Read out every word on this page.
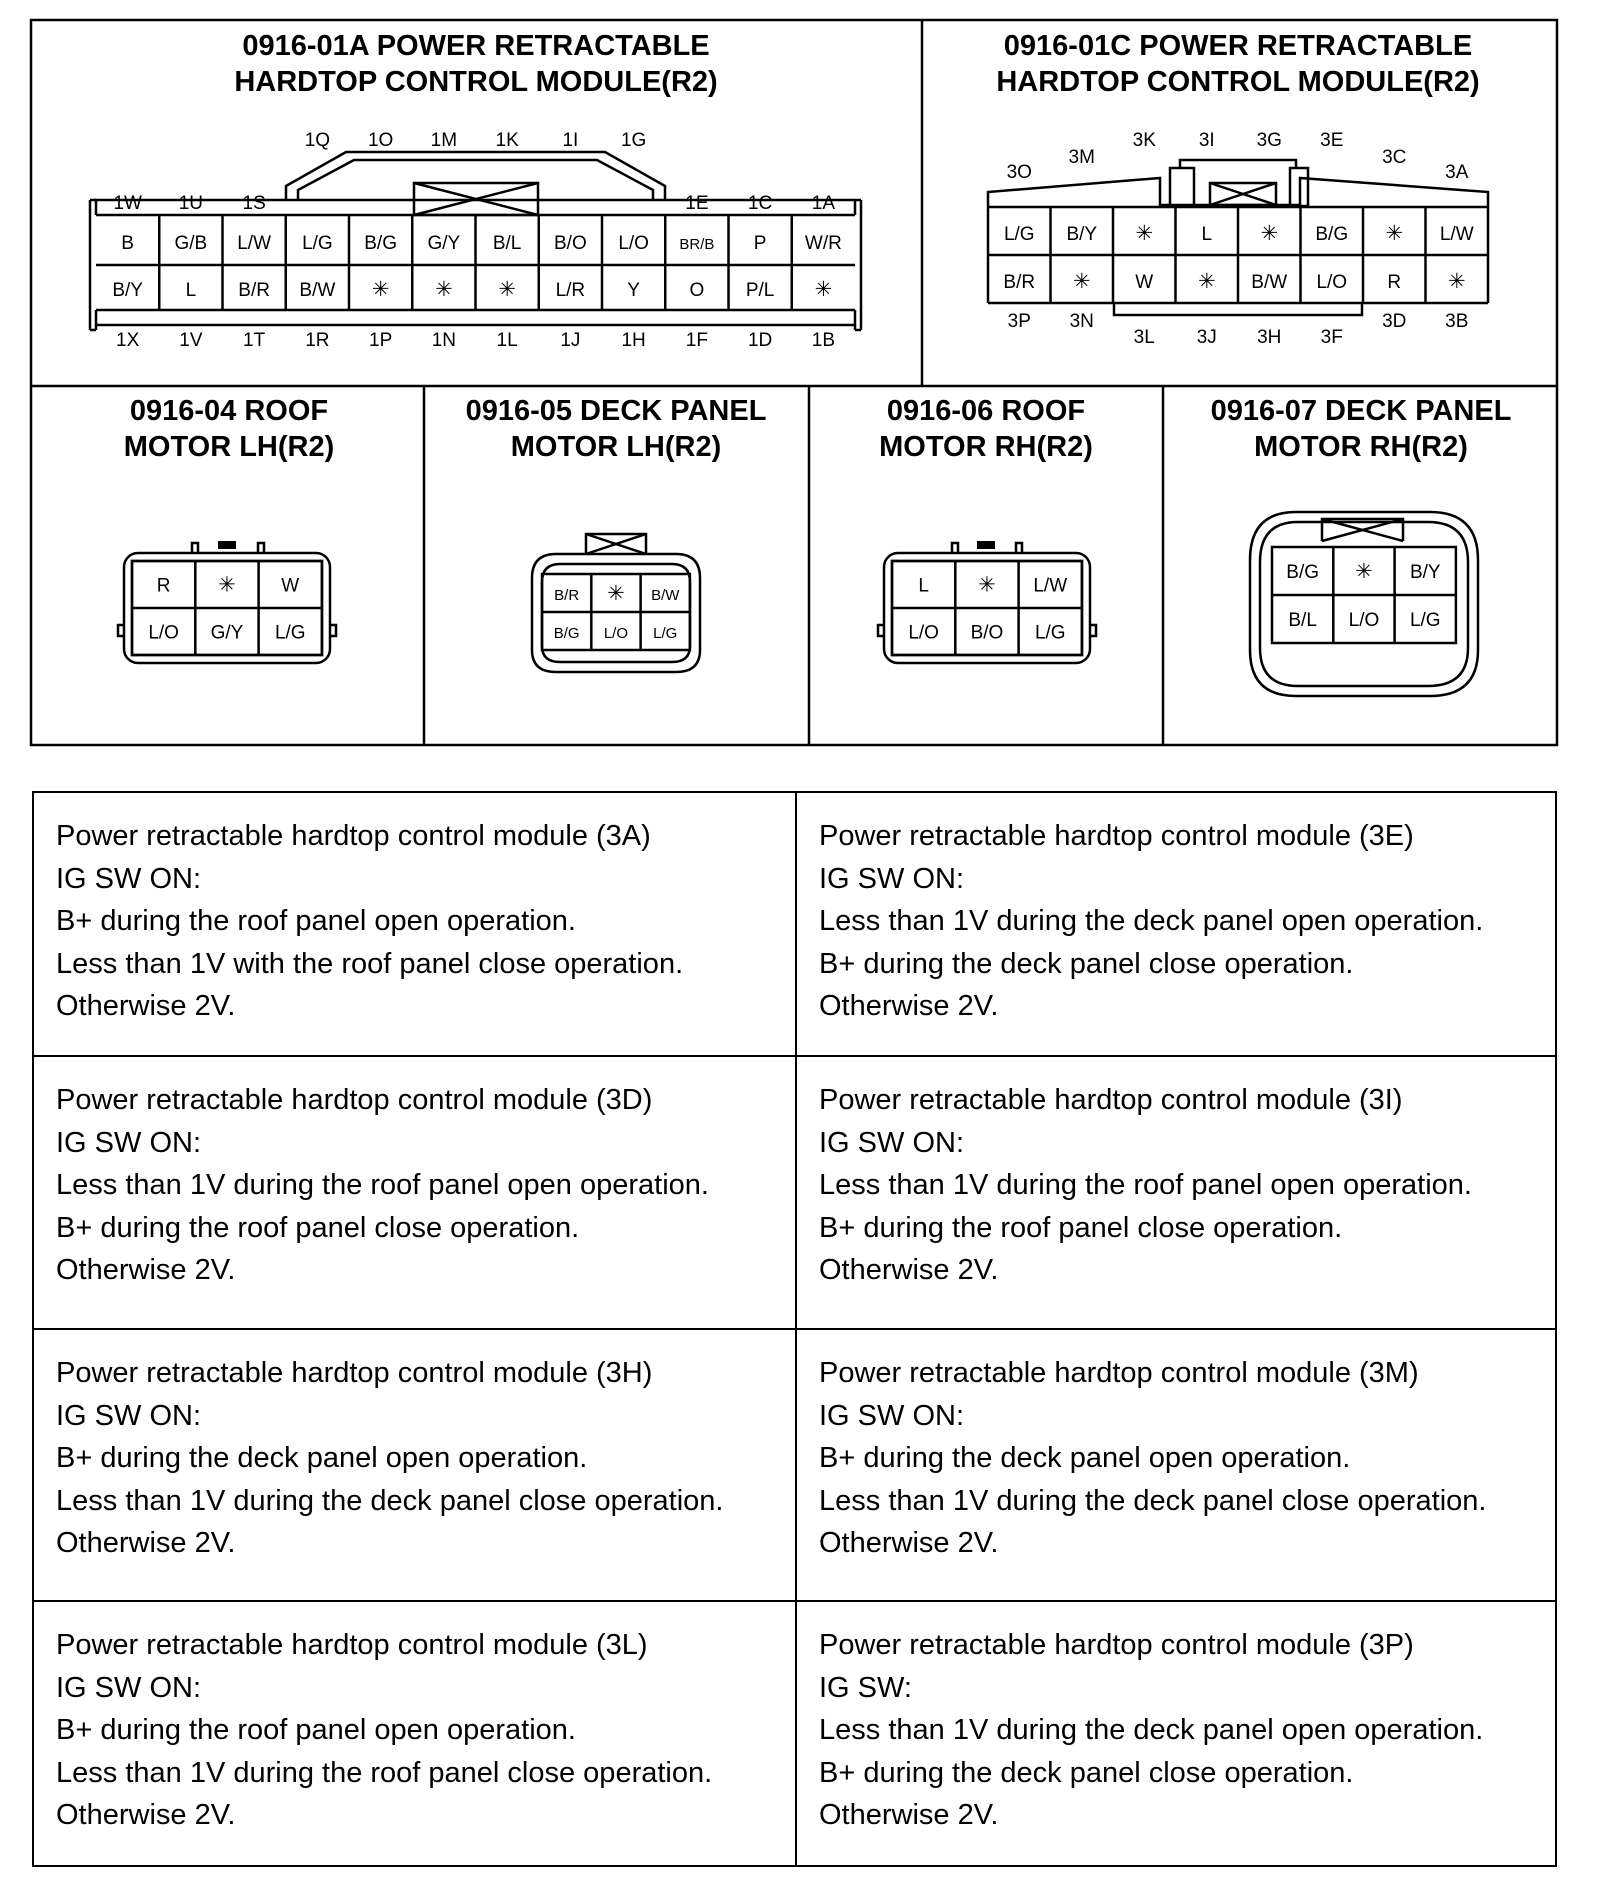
0916-01A POWER RETRACTABLE
HARDTOP CONTROL MODULE(R2)
B
B/Y
1W
1X
G/B
L
1U
1V
L/W
B/R
1S
1T
L/G
B/W
1Q
1R
B/G
✳
1O
1P
G/Y
✳
1M
1N
B/L
✳
1K
1L
B/O
L/R
1I
1J
L/O
Y
1G
1H
BR/B
O
1E
1F
P
P/L
1C
1D
W/R
✳
1A
1B
0916-01C POWER RETRACTABLE
HARDTOP CONTROL MODULE(R2)
L/G
B/R
3O
3P
B/Y
✳
3M
3N
✳
W
3K
3L
L
✳
3I
3J
✳
B/W
3G
3H
B/G
L/O
3E
3F
✳
R
3C
3D
L/W
✳
3A
3B
0916-04 ROOF
MOTOR LH(R2)
R
L/O
✳
G/Y
W
L/G
0916-05 DECK PANEL
MOTOR LH(R2)
B/R
B/G
✳
L/O
B/W
L/G
0916-06 ROOF
MOTOR RH(R2)
L
L/O
✳
B/O
L/W
L/G
0916-07 DECK PANEL
MOTOR RH(R2)
B/G
B/L
✳
L/O
B/Y
L/G
Power retractable hardtop control module (3A)
IG SW ON:
B+ during the roof panel open operation.
Less than 1V with the roof panel close operation.
Otherwise 2V.
Power retractable hardtop control module (3E)
IG SW ON:
Less than 1V during the deck panel open operation.
B+ during the deck panel close operation.
Otherwise 2V.
Power retractable hardtop control module (3D)
IG SW ON:
Less than 1V during the roof panel open operation.
B+ during the roof panel close operation.
Otherwise 2V.
Power retractable hardtop control module (3I)
IG SW ON:
Less than 1V during the roof panel open operation.
B+ during the roof panel close operation.
Otherwise 2V.
Power retractable hardtop control module (3H)
IG SW ON:
B+ during the deck panel open operation.
Less than 1V during the deck panel close operation.
Otherwise 2V.
Power retractable hardtop control module (3M)
IG SW ON:
B+ during the deck panel open operation.
Less than 1V during the deck panel close operation.
Otherwise 2V.
Power retractable hardtop control module (3L)
IG SW ON:
B+ during the roof panel open operation.
Less than 1V during the roof panel close operation.
Otherwise 2V.
Power retractable hardtop control module (3P)
IG SW:
Less than 1V during the deck panel open operation.
B+ during the deck panel close operation.
Otherwise 2V.
